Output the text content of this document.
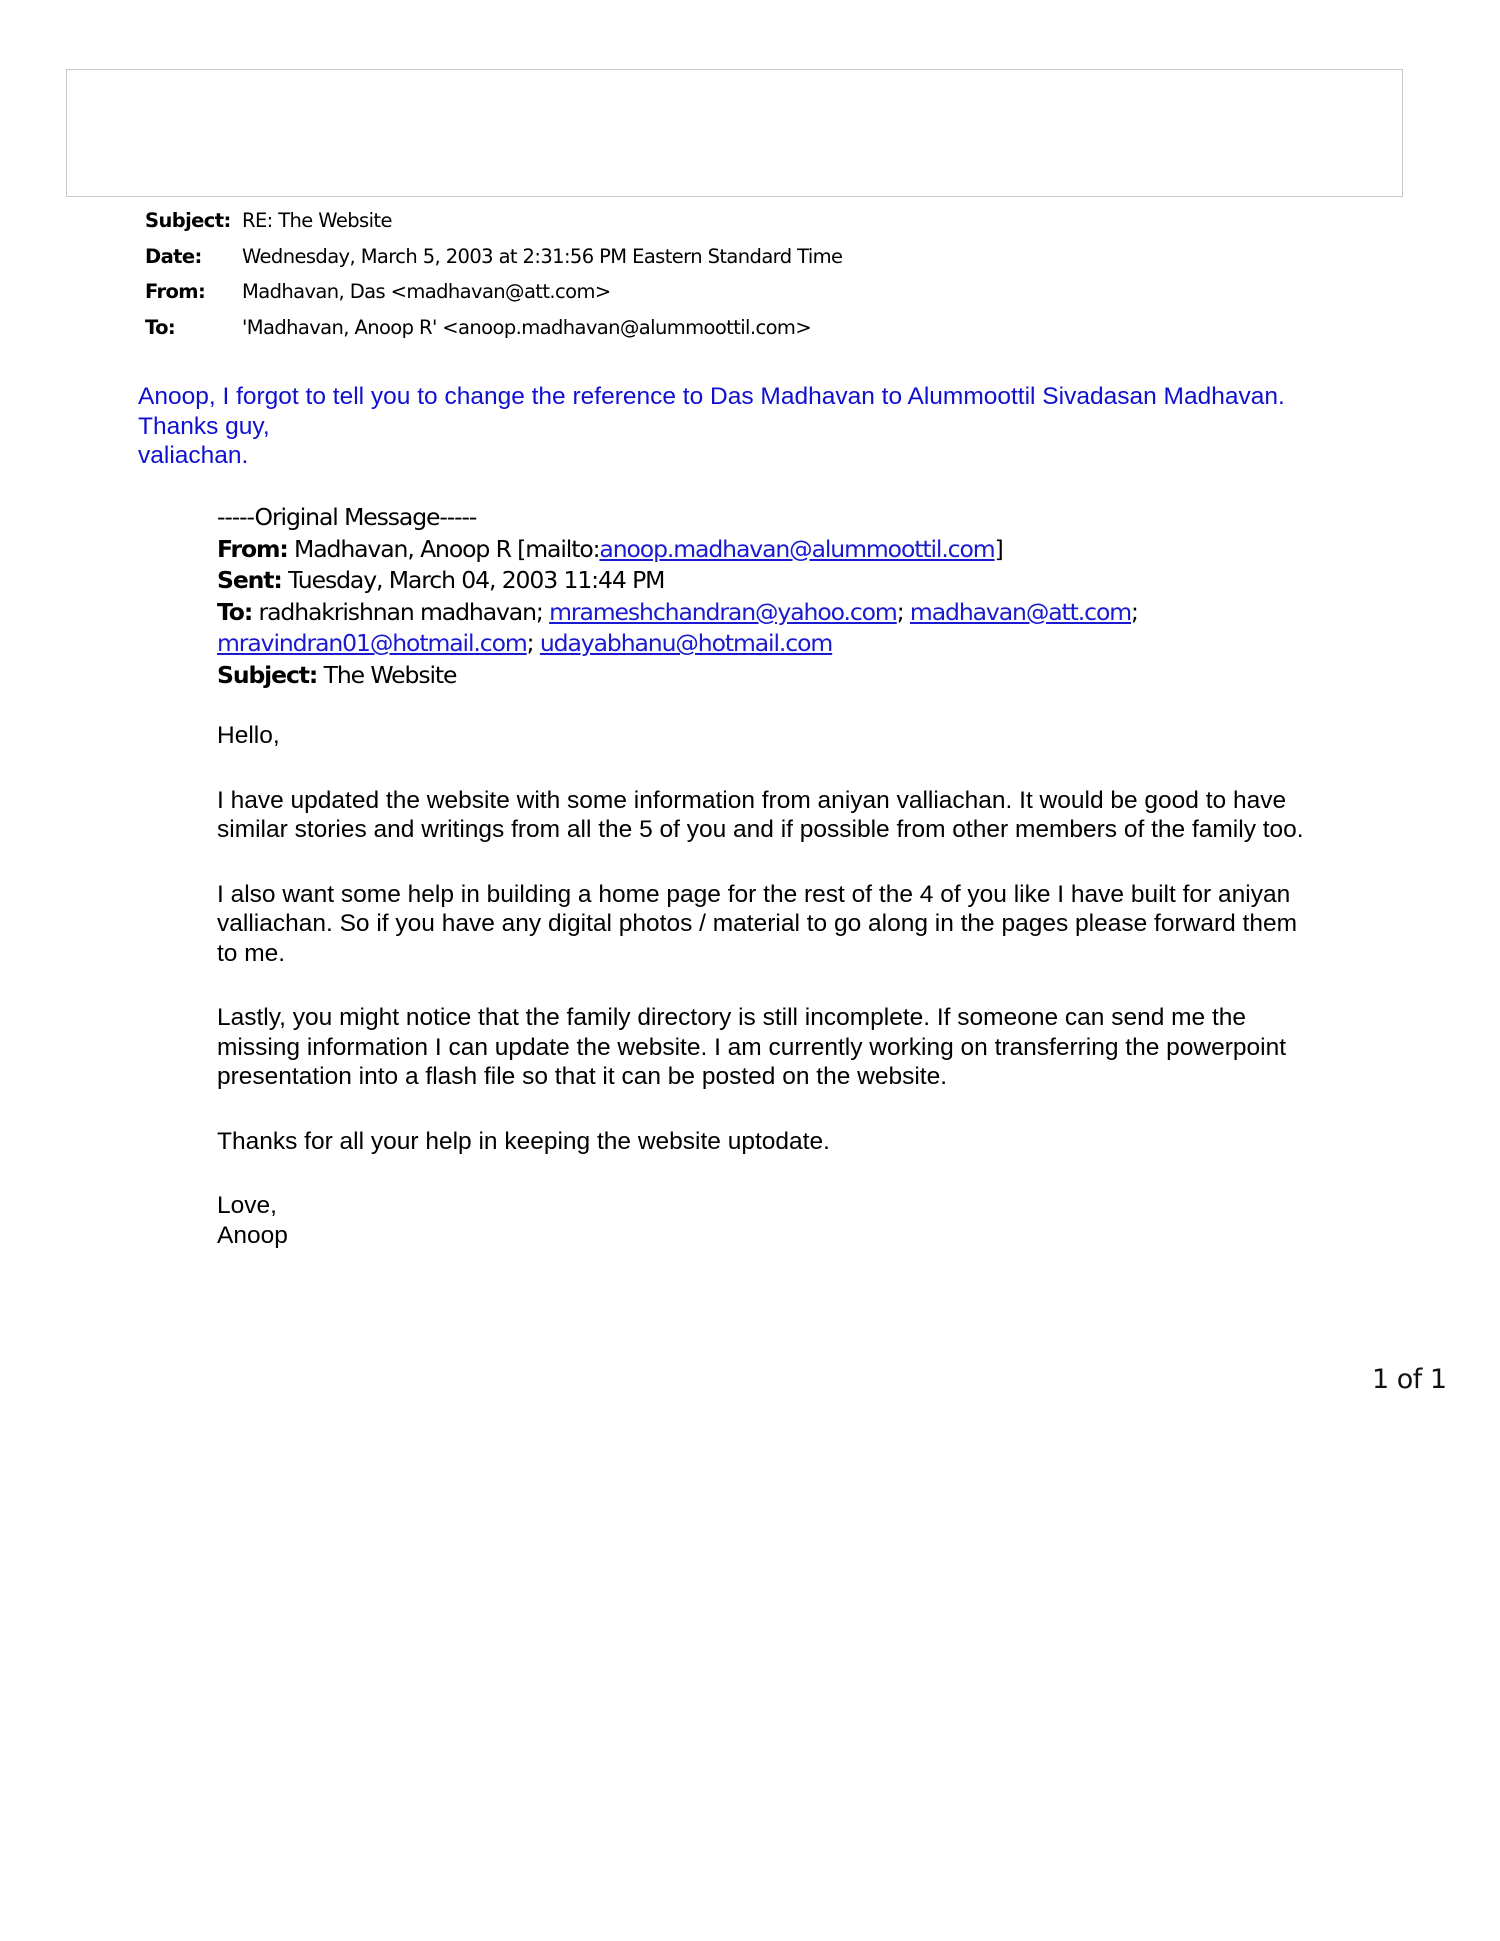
Subject: RE: The Website
Date: Wednesday, March 5, 2003 at 2:31:56 PM Eastern Standard Time
From: Madhavan, Das <madhavan@att.com>
To:	'Madhavan, Anoop R' <anoop.madhavan@alummoottil.com>
Anoop, I forgot to tell you to change the reference to Das Madhavan to Alummoottil Sivadasan Madhavan.
Thanks guy,
valiachan.
-----Original Message-----
From: Madhavan, Anoop R [mailto:anoop.madhavan@alummoottil.com]
Sent: Tuesday, March 04, 2003 11:44 PM
To: radhakrishnan madhavan; mrameshchandran@yahoo.com; madhavan@att.com;
mravindran01@hotmail.com; udayabhanu@hotmail.com
Subject: The Website

Hello,

I have updated the website with some information from aniyan valliachan. It would be good to have
similar stories and writings from all the 5 of you and if possible from other members of the family too.

I also want some help in building a home page for the rest of the 4 of you like I have built for aniyan
valliachan. So if you have any digital photos / material to go along in the pages please forward them
to me.

Lastly, you might notice that the family directory is still incomplete. If someone can send me the
missing information I can update the website. I am currently working on transferring the powerpoint
presentation into a flash file so that it can be posted on the website.

Thanks for all your help in keeping the website uptodate.

Love,
Anoop

1 of 1
